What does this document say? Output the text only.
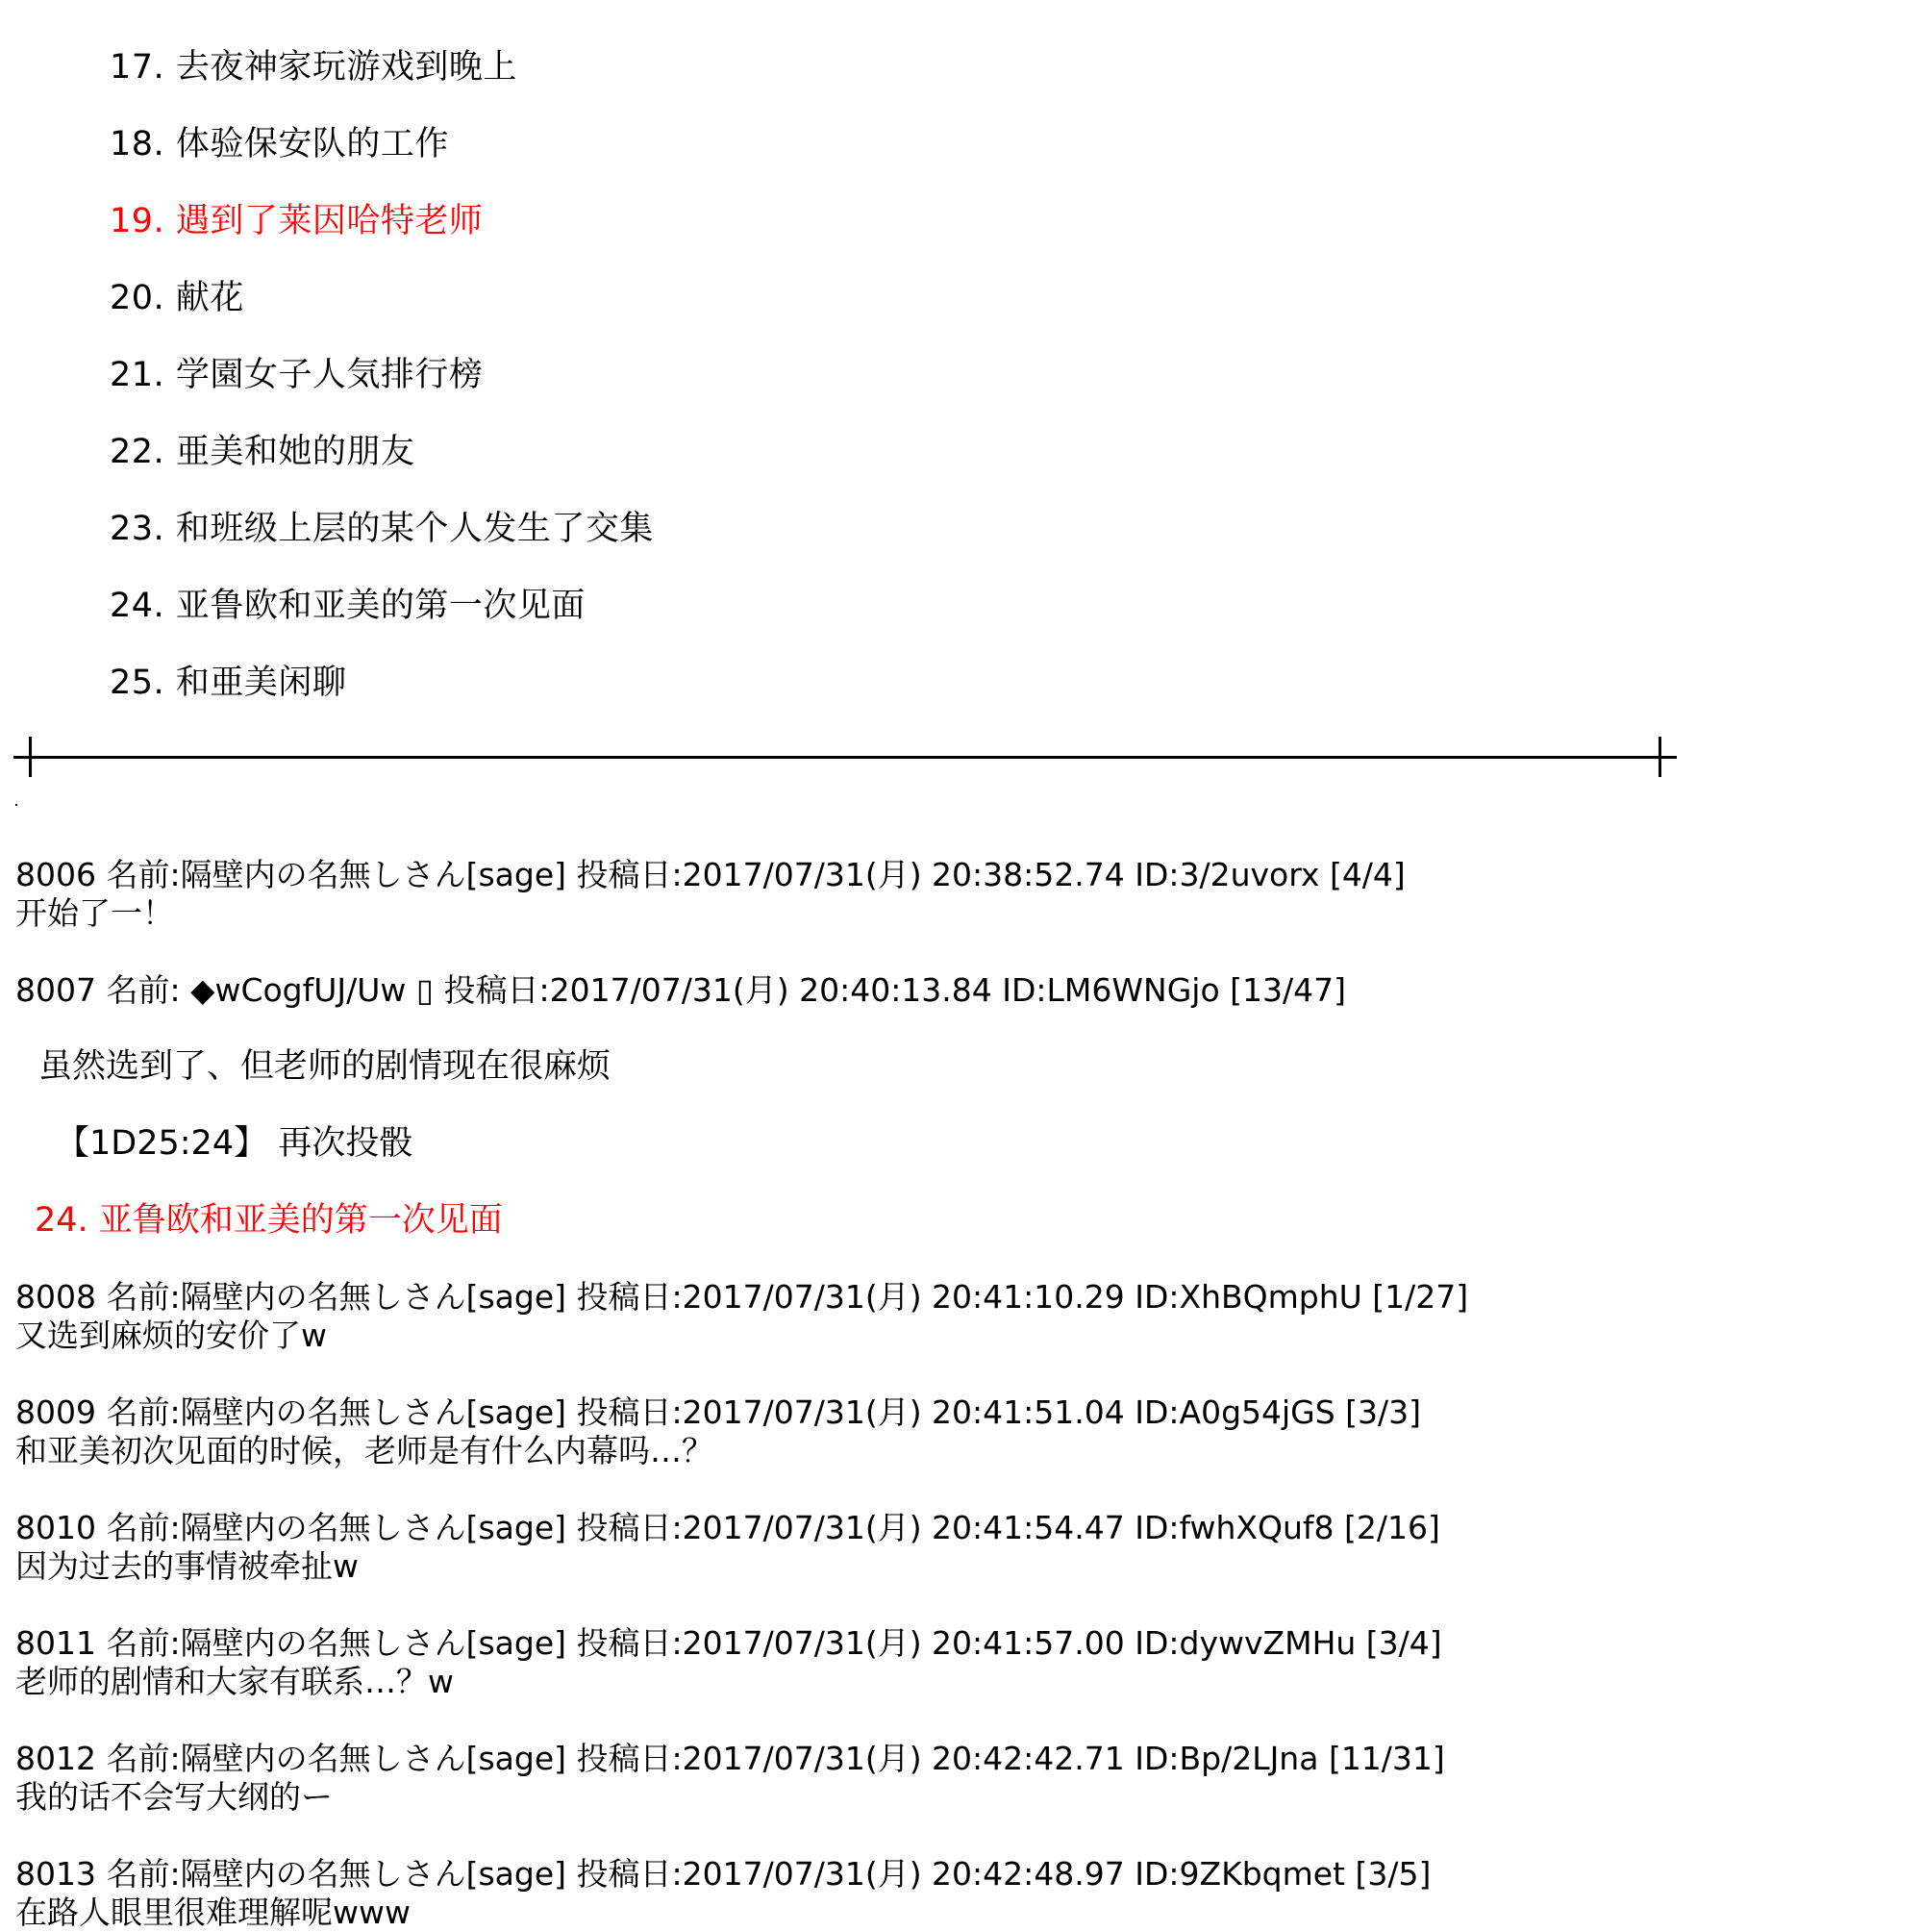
17. 去夜神家玩游戏到晚上
18. 体验保安队的工作
19. 遇到了莱因哈特老师
20. 献花
21. 学園女子人気排行榜
22. 亜美和她的朋友
23. 和班级上层的某个人发生了交集
24. 亚鲁欧和亚美的第一次见面
25. 和亜美闲聊
8006 名前:隔壁内の名無しさん[sage] 投稿日:2017/07/31(月) 20:38:52.74 ID:3/2uvorx [4/4]
开始了一！
8007 名前: ◆wCogfUJ/Uw ▯ 投稿日:2017/07/31(月) 20:40:13.84 ID:LM6WNGjo [13/47]
虽然选到了、但老师的剧情现在很麻烦
【1D25:24】 再次投骰
24. 亚鲁欧和亚美的第一次见面
8008 名前:隔壁内の名無しさん[sage] 投稿日:2017/07/31(月) 20:41:10.29 ID:XhBQmphU [1/27]
又选到麻烦的安价了w
8009 名前:隔壁内の名無しさん[sage] 投稿日:2017/07/31(月) 20:41:51.04 ID:A0g54jGS [3/3]
和亚美初次见面的时候，老师是有什么内幕吗…？
8010 名前:隔壁内の名無しさん[sage] 投稿日:2017/07/31(月) 20:41:54.47 ID:fwhXQuf8 [2/16]
因为过去的事情被牵扯w
8011 名前:隔壁内の名無しさん[sage] 投稿日:2017/07/31(月) 20:41:57.00 ID:dywvZMHu [3/4]
老师的剧情和大家有联系…？w
8012 名前:隔壁内の名無しさん[sage] 投稿日:2017/07/31(月) 20:42:42.71 ID:Bp/2LJna [11/31]
我的话不会写大纲的ー
8013 名前:隔壁内の名無しさん[sage] 投稿日:2017/07/31(月) 20:42:48.97 ID:9ZKbqmet [3/5]
在路人眼里很难理解呢www
